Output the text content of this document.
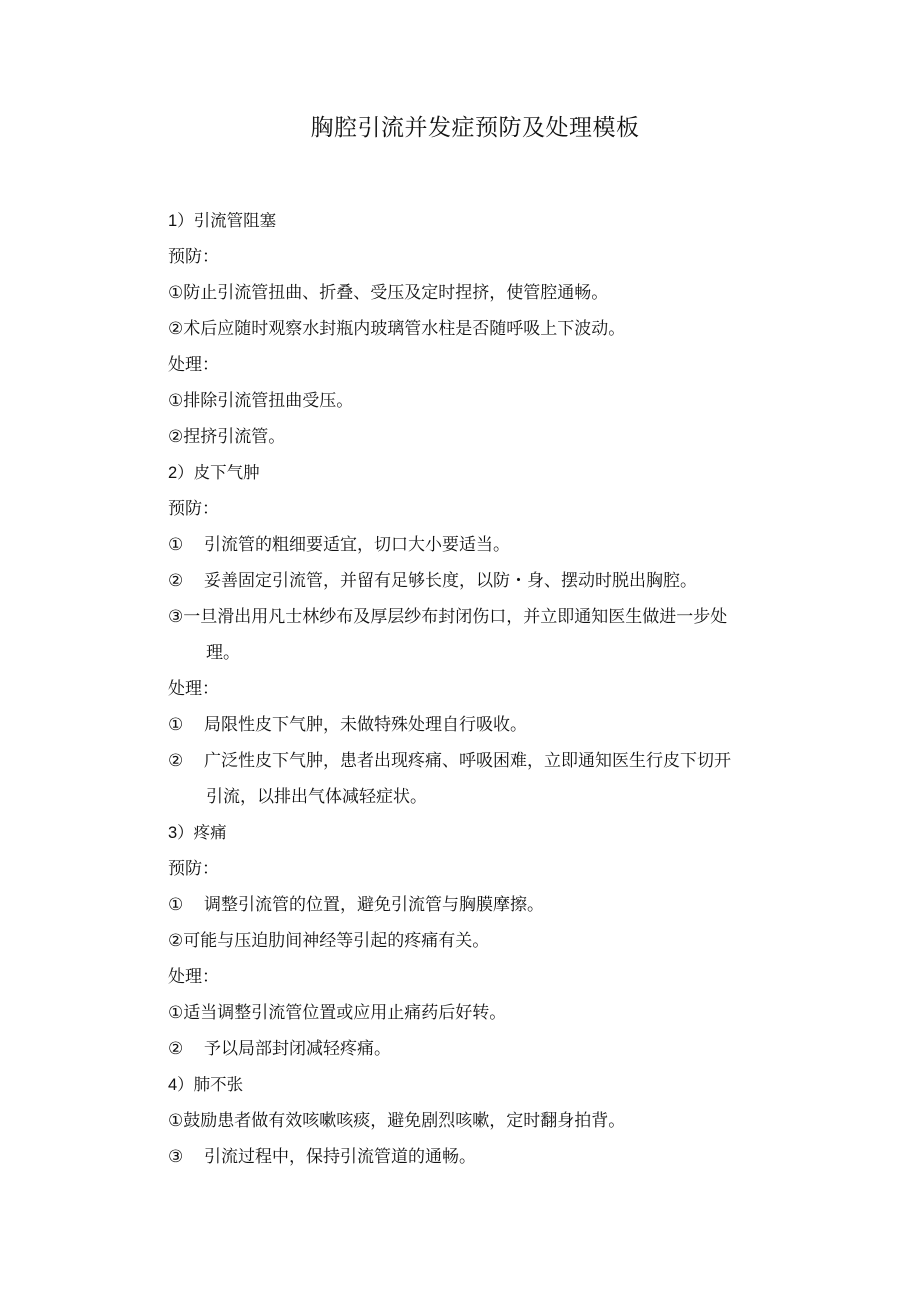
胸腔引流并发症预防及处理模板

1）引流管阻塞

预防：

①防止引流管扭曲、折叠、受压及定时捏挤，使管腔通畅。

②术后应随时观察水封瓶内玻璃管水柱是否随呼吸上下波动。

处理：

①排除引流管扭曲受压。

②捏挤引流管。

2）皮下气肿

预防：

① 引流管的粗细要适宜，切口大小要适当。

② 妥善固定引流管，并留有足够长度，以防・身、摆动时脱出胸腔。

③一旦滑出用凡士林纱布及厚层纱布封闭伤口，并立即通知医生做进一步处

理。

处理：

① 局限性皮下气肿，未做特殊处理自行吸收。

② 广泛性皮下气肿，患者出现疼痛、呼吸困难，立即通知医生行皮下切开

引流，以排出气体减轻症状。

3）疼痛

预防：

① 调整引流管的位置，避免引流管与胸膜摩擦。

②可能与压迫肋间神经等引起的疼痛有关。

处理：

①适当调整引流管位置或应用止痛药后好转。

② 予以局部封闭减轻疼痛。

4）肺不张

①鼓励患者做有效咳嗽咳痰，避免剧烈咳嗽，定时翻身拍背。

③ 引流过程中，保持引流管道的通畅。
